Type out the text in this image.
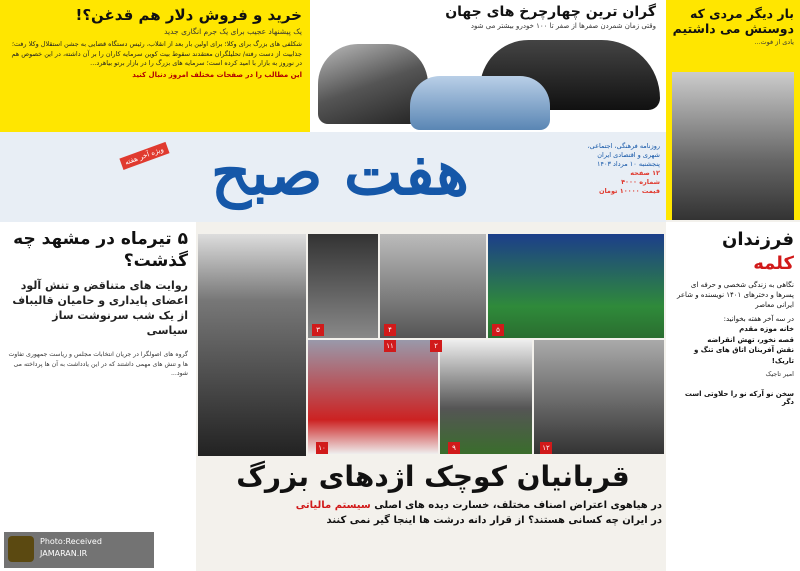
خرید و فروش دلار هم قدغن؟!
یک پیشنهاد عجیب برای یک جرم انگاری جدید
شکلفی های بزرگ برای وکلا؛ برای اولین بار بعد از انقلاب، رئیس دستگاه قضایی به جشن استقلال وکلا رفت؛ جذابیت از دست رفته/ تحلیلگران معتقدند سقوط بیت کوین سرمایه کاران را بر آن داشته، در این خصوص هم در نوروز به بازار با امید کرده است؛ سرمایه های بزرگ را در بازار برتو بیاهرد...
این مطالب را در صفحات مختلف امروز دنبال کنید
گران ترین چهارچرخ های جهان
وقتی زمان شمردن صفرها از صفر تا ۱۰۰ خودرو بیشتر می شود
بار دیگر مردی که دوستش می داشتیم
یادی از فوت...
هفت صبح
ویژه آخر هفته	روزنامه فرهنگی، اجتماعی،
شهری و اقتصادی ایران
پنجشنبه ۱۰ مرداد ۱۴۰۳
۱۲ صفحه
شماره ۴۰۰۰
قیمت ۱۰۰۰۰ تومان
۵ تیرماه در مشهد چه گذشت؟
روایت های متناقض و تنش آلود اعضای پایداری و حامیان قالیباف از یک شب سرنوشت ساز سیاسی
گروه های اصولگرا در جریان انتخابات مجلس و ریاست جمهوری تفاوت ها و تنش های مهمی داشتند که در این یادداشت به آن ها پرداخته می شود...
Photo:Received
JAMARAN.IR
۳	۴
۲
۵
۱۰	۹	۱۲
۱۱
قربانیان کوچک اژدهای بزرگ
در هیاهوی اعتراض اصناف مختلف، خسارت دیده های اصلی سیستم مالیاتی
در ایران چه کسانی هستند؟ از قرار دانه درشت ها اینجا گیر نمی کنند
فرزندان
کلمه
نگاهی به زندگی شخصی و حرفه ای پسرها و دخترهای ۱۴۰۱ نویسنده و شاعر ایرانی معاصر
در سه آخر هفته بخوانید:
خانه موزه مقدم
قصه نخور، تهش انقراضه
نقش آفرینان اتاق های تنگ و تاریک!
امیر تاجیک
سخن نو آرکه نو را حلاوتی است دگر
